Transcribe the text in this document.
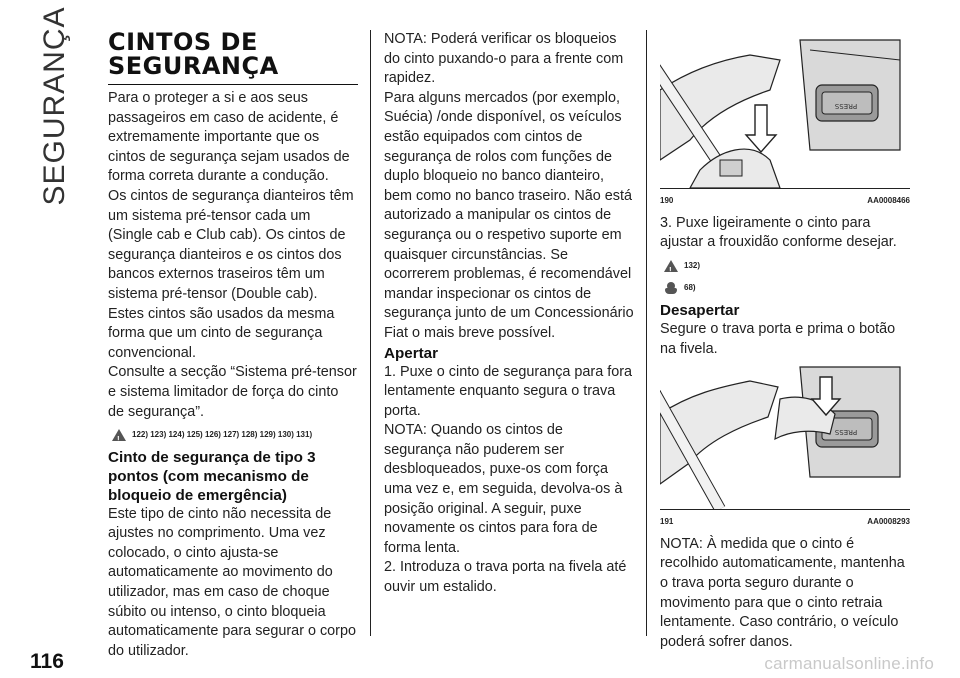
SEGURANÇA
116	carmanualsonline.info
CINTOS DE
SEGURANÇA

Para o proteger a si e aos seus passageiros em caso de acidente, é extremamente importante que os cintos de segurança sejam usados de forma correta durante a condução.

Os cintos de segurança dianteiros têm um sistema pré-tensor cada um (Single cab e Club cab). Os cintos de segurança dianteiros e os cintos dos bancos externos traseiros têm um sistema pré-tensor (Double cab).

Estes cintos são usados da mesma forma que um cinto de segurança convencional.

Consulte a secção “Sistema pré-tensor e sistema limitador de força do cinto de segurança”.

!
122) 123) 124) 125) 126) 127) 128) 129) 130) 131)

Cinto de segurança de tipo 3 pontos (com mecanismo de bloqueio de emergência)

Este tipo de cinto não necessita de ajustes no comprimento. Uma vez colocado, o cinto ajusta-se automaticamente ao movimento do utilizador, mas em caso de choque súbito ou intenso, o cinto bloqueia automaticamente para segurar o corpo do utilizador.

NOTA: Poderá verificar os bloqueios do cinto puxando-o para a frente com rapidez.

Para alguns mercados (por exemplo, Suécia) /onde disponível, os veículos estão equipados com cintos de segurança de rolos com funções de duplo bloqueio no banco dianteiro, bem como no banco traseiro. Não está autorizado a manipular os cintos de segurança ou o respetivo suporte em quaisquer circunstâncias. Se ocorrerem problemas, é recomendável mandar inspecionar os cintos de segurança junto de um Concessionário Fiat o mais breve possível.

Apertar

1. Puxe o cinto de segurança para fora lentamente enquanto segura o trava porta.

NOTA: Quando os cintos de segurança não puderem ser desbloqueados, puxe-os com força uma vez e, em seguida, devolva-os à posição original. A seguir, puxe novamente os cintos para fora de forma lenta.

2. Introduza o trava porta na fivela até ouvir um estalido.

PRESS
190	AA0008466

3. Puxe ligeiramente o cinto para ajustar a frouxidão conforme desejar.

!
132)
68)

Desapertar

Segure o trava porta e prima o botão na fivela.

PRESS
191	AA0008293

NOTA: À medida que o cinto é recolhido automaticamente, mantenha o trava porta seguro durante o movimento para que o cinto retraia lentamente. Caso contrário, o veículo poderá sofrer danos.
